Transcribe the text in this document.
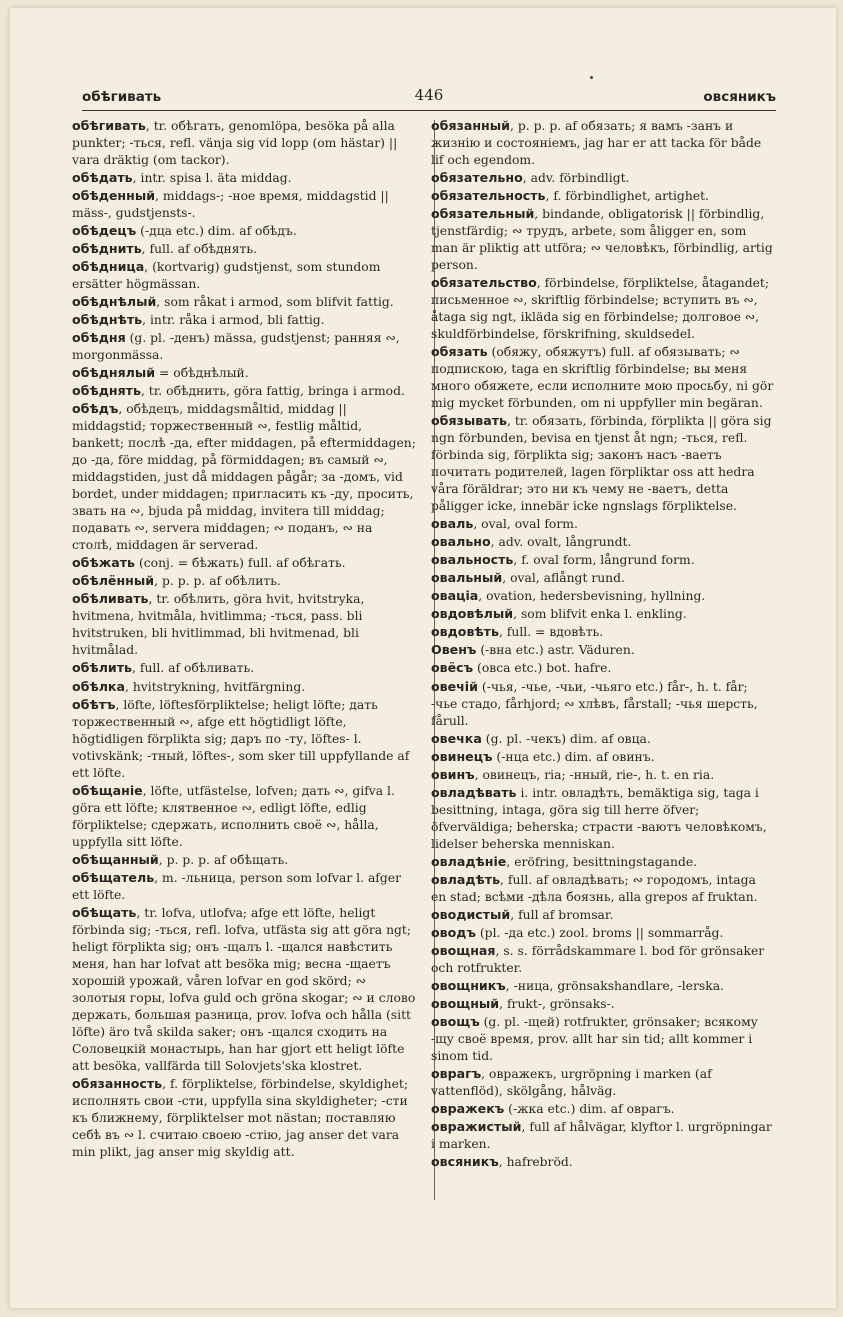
обѣгивать	446	овсяникъ

обѣгивать, tr. обѣгать, genomlöpa, besöka på alla punkter; -ться, refl. vänja sig vid lopp (om hästar) || vara dräktig (om tackor).

обѣдать, intr. spisa l. äta middag.

обѣденный, middags-; -ное время, middagstid || mäss-, gudstjensts-.

обѣдецъ (-дца etc.) dim. af обѣдъ.

обѣднить, full. af обѣднять.

обѣдница, (kortvarig) gudstjenst, som stundom ersätter högmässan.

обѣднѣлый, som råkat i armod, som blifvit fattig.

обѣднѣть, intr. råka i armod, bli fattig.

обѣдня (g. pl. -денъ) mässa, gudstjenst; ранняя ∾, morgonmässa.

обѣднялый = обѣднѣлый.

обѣднять, tr. обѣднить, göra fattig, bringa i armod.

обѣдъ, обѣдецъ, middagsmåltid, middag || middagstid; торжественный ∾, festlig måltid, bankett; послѣ -да, efter middagen, på eftermiddagen; до -да, före middag, på förmiddagen; въ самый ∾, middagstiden, just då middagen pågår; за -домъ, vid bordet, under middagen; пригласить къ -ду, просить, звать на ∾, bjuda på middag, invitera till middag; подавать ∾, servera middagen; ∾ поданъ, ∾ на столѣ, middagen är serverad.

обѣжать (conj. = бѣжать) full. af обѣгать.

обѣлённый, p. p. p. af обѣлить.

обѣливать, tr. обѣлить, göra hvit, hvitstryka, hvitmena, hvitmåla, hvitlimma; -ться, pass. bli hvitstruken, bli hvitlimmad, bli hvitmenad, bli hvitmålad.

обѣлить, full. af обѣливать.

обѣлка, hvitstrykning, hvitfärgning.

обѣтъ, löfte, löftesförpliktelse; heligt löfte; дать торжественный ∾, afge ett högtidligt löfte, högtidligen förplikta sig; даръ по -ту, löftes- l. votivskänk; -тный, löftes-, som sker till uppfyllande af ett löfte.

обѣщаніе, löfte, utfästelse, lofven; дать ∾, gifva l. göra ett löfte; клятвенное ∾, edligt löfte, edlig förpliktelse; сдержать, исполнить своё ∾, hålla, uppfylla sitt löfte.

обѣщанный, p. p. p. af обѣщать.

обѣщатель, m. -льница, person som lofvar l. afger ett löfte.

обѣщать, tr. lofva, utlofva; afge ett löfte, heligt förbinda sig; -ться, refl. lofva, utfästa sig att göra ngt; heligt förplikta sig; онъ -щалъ l. -щался навѣстить меня, han har lofvat att besöka mig; весна -щаетъ хорошій урожай, våren lofvar en god skörd; ∾ золотыя горы, lofva guld och gröna skogar; ∾ и слово держать, большая разница, prov. lofva och hålla (sitt löfte) äro två skilda saker; онъ -щался сходить на Соловецкій монастырь, han har gjort ett heligt löfte att besöka, vallfärda till Solovjets'ska klostret.

обязанность, f. förpliktelse, förbindelse, skyldighet; исполнять свои -сти, uppfylla sina skyldigheter; -сти къ ближнему, förpliktelser mot nästan; поставляю себѣ въ ∾ l. считаю своею -стію, jag anser det vara min plikt, jag anser mig skyldig att.

обязанный, p. p. p. af обязать; я вамъ -занъ и жизнію и состояніемъ, jag har er att tacka för både lif och egendom.

обязательно, adv. förbindligt.

обязательность, f. förbindlighet, artighet.

обязательный, bindande, obligatorisk || förbindlig, tjenstfärdig; ∾ трудъ, arbete, som åligger en, som man är pliktig att utföra; ∾ человѣкъ, förbindlig, artig person.

обязательство, förbindelse, förpliktelse, åtagandet; письменное ∾, skriftlig förbindelse; вступить въ ∾, åtaga sig ngt, ikläda sig en förbindelse; долговое ∾, skuldförbindelse, förskrifning, skuldsedel.

обязать (обяжу, обяжутъ) full. af обязывать; ∾ подпискою, taga en skriftlig förbindelse; вы меня много обяжете, если исполните мою просьбу, ni gör mig mycket förbunden, om ni uppfyller min begäran.

обязывать, tr. обязать, förbinda, förplikta || göra sig ngn förbunden, bevisa en tjenst åt ngn; -ться, refl. förbinda sig, förplikta sig; законъ насъ -ваетъ почитать родителей, lagen förpliktar oss att hedra våra föräldrar; это ни къ чему не -ваетъ, detta påligger icke, innebär icke ngnslags förpliktelse.

оваль, oval, oval form.

овально, adv. ovalt, långrundt.

овальность, f. oval form, långrund form.

овальный, oval, aflångt rund.

оваціа, ovation, hedersbevisning, hyllning.

овдовѣлый, som blifvit enka l. enkling.

овдовѣть, full. = вдовѣть.

Овенъ (-вна etc.) astr. Väduren.

овёсъ (овса etc.) bot. hafre.

овечій (-чья, -чье, -чьи, -чьяго etc.) får-, h. t. får; -чье стадо, fårhjord; ∾ хлѣвъ, fårstall; -чья шерсть, fårull.

овечка (g. pl. -чекъ) dim. af овца.

овинецъ (-нца etc.) dim. af овинъ.

овинъ, овинецъ, ria; -нный, rie-, h. t. en ria.

овладѣвать i. intr. овладѣть, bemäktiga sig, taga i besittning, intaga, göra sig till herre öfver; öfverväldiga; beherska; страсти -ваютъ человѣкомъ, lidelser beherska menniskan.

овладѣніе, eröfring, besittningstagande.

овладѣть, full. af овладѣвать; ∾ городомъ, intaga en stad; всѣми -дѣла боязнь, alla grepos af fruktan.

оводистый, full af bromsar.

оводъ (pl. -да etc.) zool. broms || sommarråg.

овощная, s. s. förrådskammare l. bod för grönsaker och rotfrukter.

овощникъ, -ница, grönsakshandlare, -lerska.

овощный, frukt-, grönsaks-.

овощъ (g. pl. -щей) rotfrukter, grönsaker; всякому -щу своё время, prov. allt har sin tid; allt kommer i sinom tid.

оврагъ, овражекъ, urgröpning i marken (af vattenflöd), skölgång, hålväg.

овражекъ (-жка etc.) dim. af оврагъ.

овражистый, full af hålvägar, klyftor l. urgröpningar i marken.

овсяникъ, hafrebröd.
